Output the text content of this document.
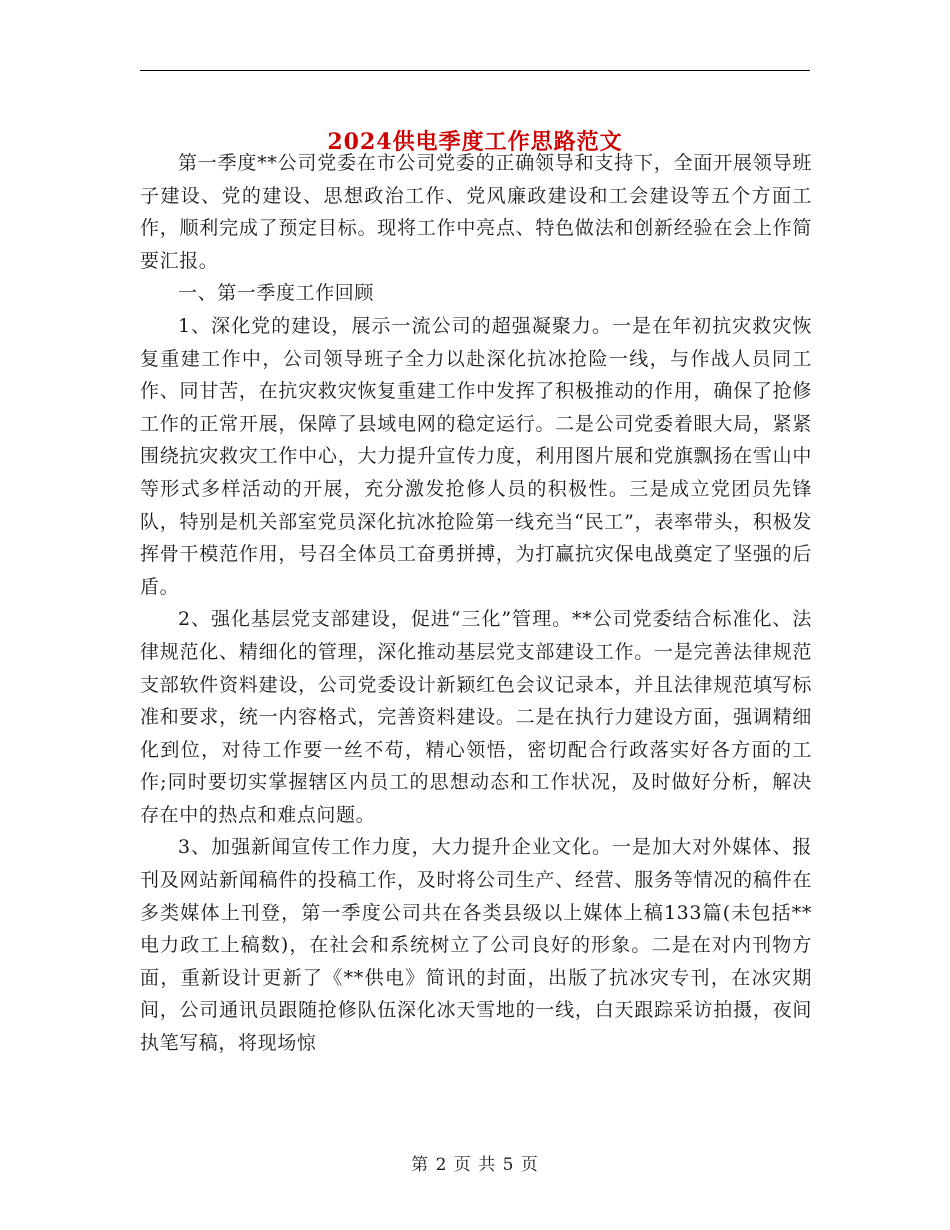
2024供电季度工作思路范文

第一季度**公司党委在市公司党委的正确领导和支持下，全面开展领导班子建设、党的建设、思想政治工作、党风廉政建设和工会建设等五个方面工作，顺利完成了预定目标。现将工作中亮点、特色做法和创新经验在会上作简要汇报。

一、第一季度工作回顾

1、深化党的建设，展示一流公司的超强凝聚力。一是在年初抗灾救灾恢复重建工作中，公司领导班子全力以赴深化抗冰抢险一线，与作战人员同工作、同甘苦，在抗灾救灾恢复重建工作中发挥了积极推动的作用，确保了抢修工作的正常开展，保障了县域电网的稳定运行。二是公司党委着眼大局，紧紧围绕抗灾救灾工作中心，大力提升宣传力度，利用图片展和党旗飘扬在雪山中等形式多样活动的开展，充分激发抢修人员的积极性。三是成立党团员先锋队，特别是机关部室党员深化抗冰抢险第一线充当“民工”，表率带头，积极发挥骨干模范作用，号召全体员工奋勇拼搏，为打赢抗灾保电战奠定了坚强的后盾。

2、强化基层党支部建设，促进“三化”管理。**公司党委结合标准化、法律规范化、精细化的管理，深化推动基层党支部建设工作。一是完善法律规范支部软件资料建设，公司党委设计新颖红色会议记录本，并且法律规范填写标准和要求，统一内容格式，完善资料建设。二是在执行力建设方面，强调精细化到位，对待工作要一丝不苟，精心领悟，密切配合行政落实好各方面的工作;同时要切实掌握辖区内员工的思想动态和工作状况，及时做好分析，解决存在中的热点和难点问题。

3、加强新闻宣传工作力度，大力提升企业文化。一是加大对外媒体、报刊及网站新闻稿件的投稿工作，及时将公司生产、经营、服务等情况的稿件在多类媒体上刊登，第一季度公司共在各类县级以上媒体上稿133篇(未包括**电力政工上稿数)，在社会和系统树立了公司良好的形象。二是在对内刊物方面，重新设计更新了《**供电》简讯的封面，出版了抗冰灾专刊，在冰灾期间，公司通讯员跟随抢修队伍深化冰天雪地的一线，白天跟踪采访拍摄，夜间执笔写稿，将现场惊

第 2 页 共 5 页
